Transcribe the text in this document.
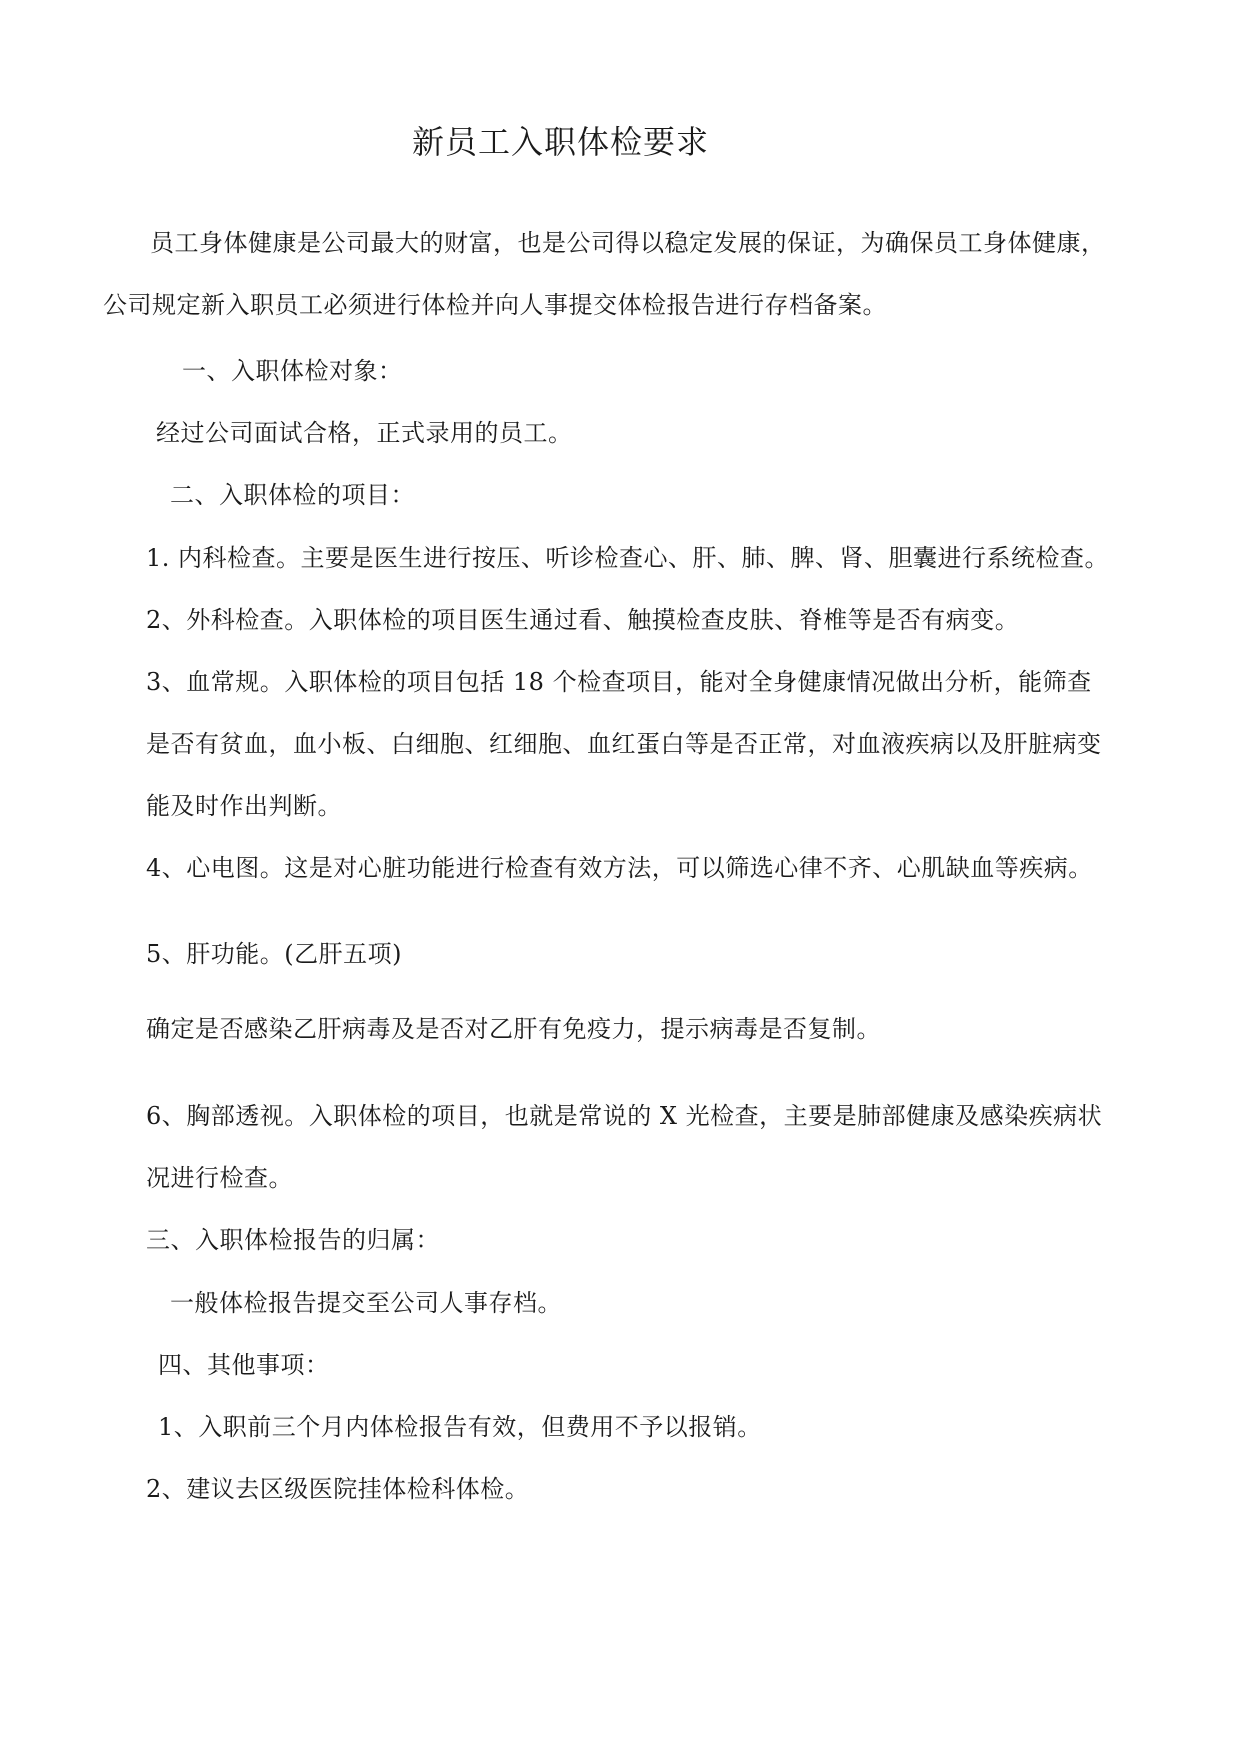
新员工入职体检要求
员工身体健康是公司最大的财富，也是公司得以稳定发展的保证，为确保员工身体健康，
公司规定新入职员工必须进行体检并向人事提交体检报告进行存档备案。
一、入职体检对象：
经过公司面试合格，正式录用的员工。
二、入职体检的项目：
1. 内科检查。主要是医生进行按压、听诊检查心、肝、肺、脾、肾、胆囊进行系统检查。
2、外科检查。入职体检的项目医生通过看、触摸检查皮肤、脊椎等是否有病变。
3、血常规。入职体检的项目包括 18 个检查项目，能对全身健康情况做出分析，能筛查
是否有贫血，血小板、白细胞、红细胞、血红蛋白等是否正常，对血液疾病以及肝脏病变
能及时作出判断。
4、心电图。这是对心脏功能进行检查有效方法，可以筛选心律不齐、心肌缺血等疾病。
5、肝功能。(乙肝五项)
确定是否感染乙肝病毒及是否对乙肝有免疫力，提示病毒是否复制。
6、胸部透视。入职体检的项目，也就是常说的 X 光检查，主要是肺部健康及感染疾病状
况进行检查。
三、入职体检报告的归属：
一般体检报告提交至公司人事存档。
四、其他事项：
1、入职前三个月内体检报告有效，但费用不予以报销。
2、建议去区级医院挂体检科体检。
